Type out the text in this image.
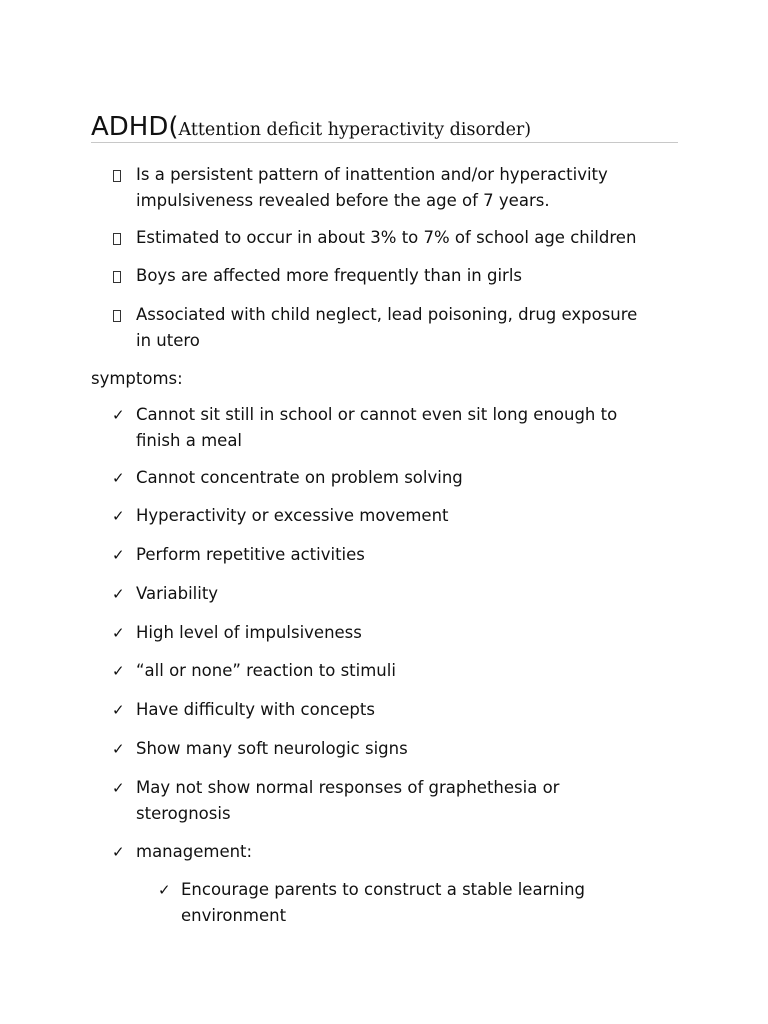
ADHD(Attention deficit hyperactivity disorder)
Is a persistent pattern of inattention and/or hyperactivity
impulsiveness revealed before the age of 7 years.
Estimated to occur in about 3% to 7% of school age children
Boys are affected more frequently than in girls
Associated with child neglect, lead poisoning, drug exposure
in utero
symptoms:
✓ Cannot sit still in school or cannot even sit long enough to
finish a meal
✓ Cannot concentrate on problem solving
✓ Hyperactivity or excessive movement
✓ Perform repetitive activities
✓ Variability
✓ High level of impulsiveness
✓ “all or none” reaction to stimuli
✓ Have difficulty with concepts
✓ Show many soft neurologic signs
✓ May not show normal responses of graphethesia or
sterognosis
✓ management:
✓ Encourage parents to construct a stable learning
environment
